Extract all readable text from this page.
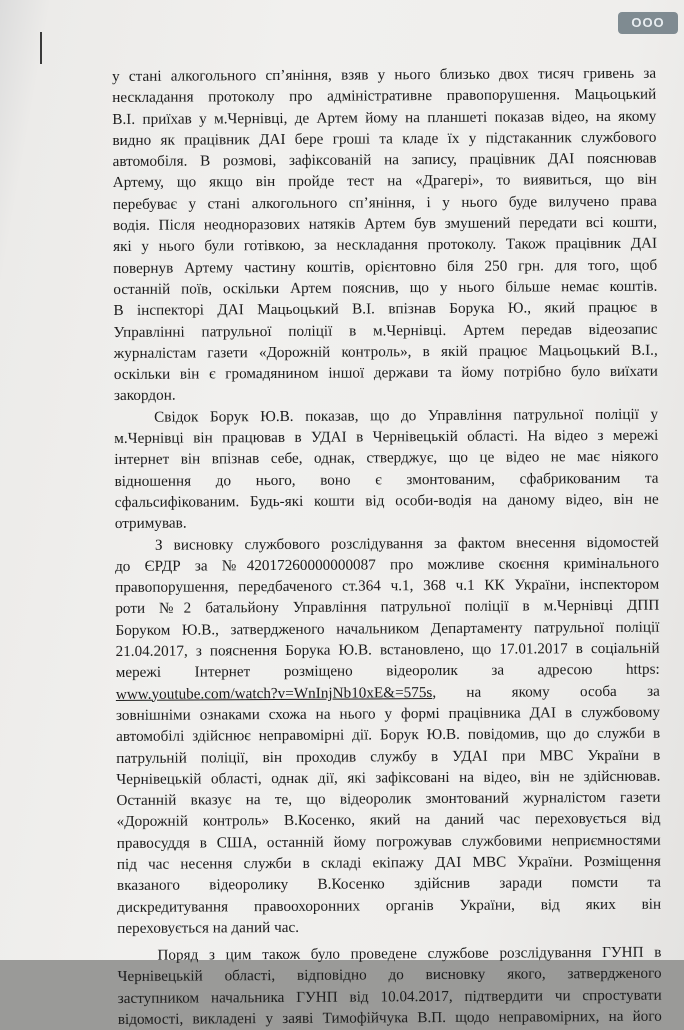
OOO
у стані алкогольного сп’яніння, взяв у нього близько двох тисяч гривень за
нескладання протоколу про адміністративне правопорушення. Мацьоцький
В.І. приїхав у м.Чернівці, де Артем йому на планшеті показав відео, на якому
видно як працівник ДАІ бере гроші та кладе їх у підстаканник службового
автомобіля. В розмові, зафіксованій на запису, працівник ДАІ пояснював
Артему, що якщо він пройде тест на «Драгері», то виявиться, що він
перебуває у стані алкогольного сп’яніння, і у нього буде вилучено права
водія. Після неодноразових натяків Артем був змушений передати всі кошти,
які у нього були готівкою, за нескладання протоколу. Також працівник ДАІ
повернув Артему частину коштів, орієнтовно біля 250 грн. для того, щоб
останній поїв, оскільки Артем пояснив, що у нього більше немає коштів.
В інспекторі ДАІ Мацьоцький В.І. впізнав Борука Ю., який працює в
Управлінні патрульної поліції в м.Чернівці. Артем передав відеозапис
журналістам газети «Дорожній контроль», в якій працює Мацьоцький В.І.,
оскільки він є громадянином іншої держави та йому потрібно було виїхати
закордон.
Свідок Борук Ю.В. показав, що до Управління патрульної поліції у
м.Чернівці він працював в УДАІ в Чернівецькій області. На відео з мережі
інтернет він впізнав себе, однак, стверджує, що це відео не має ніякого
відношення до нього, воно є змонтованим, сфабрикованим та
сфальсифікованим. Будь-які кошти від особи-водія на даному відео, він не
отримував.
З висновку службового розслідування за фактом внесення відомостей
до ЄРДР за №42017260000000087 про можливе скоєння кримінального
правопорушення, передбаченого ст.364 ч.1, 368 ч.1 КК України, інспектором
роти №2 батальйону Управління патрульної поліції в м.Чернівці ДПП
Боруком Ю.В., затвердженого начальником Департаменту патрульної поліції
21.04.2017, з пояснення Борука Ю.В. встановлено, що 17.01.2017 в соціальній
мережі Інтернет розміщено відеоролик за адресою https:
www.youtube.com/watch?v=WnInjNb10xE&=575s, на якому особа за
зовнішніми ознаками схожа на нього у формі працівника ДАІ в службовому
автомобілі здійснює неправомірні дії. Борук Ю.В. повідомив, що до служби в
патрульній поліції, він проходив службу в УДАІ при МВС України в
Чернівецькій області, однак дії, які зафіксовані на відео, він не здійснював.
Останній вказує на те, що відеоролик змонтований журналістом газети
«Дорожній контроль» В.Косенко, який на даний час переховується від
правосуддя в США, останній йому погрожував службовими неприємностями
під час несення служби в складі екіпажу ДАІ МВС України. Розміщення
вказаного відеоролику В.Косенко здійснив заради помсти та
дискредитування правоохоронних органів України, від яких він
переховується на даний час.
Поряд з цим також було проведене службове розслідування ГУНП в
Чернівецькій області, відповідно до висновку якого, затвердженого
заступником начальника ГУНП від 10.04.2017, підтвердити чи спростувати
відомості, викладені у заяві Тимофійчука В.П. щодо неправомірних, на його
